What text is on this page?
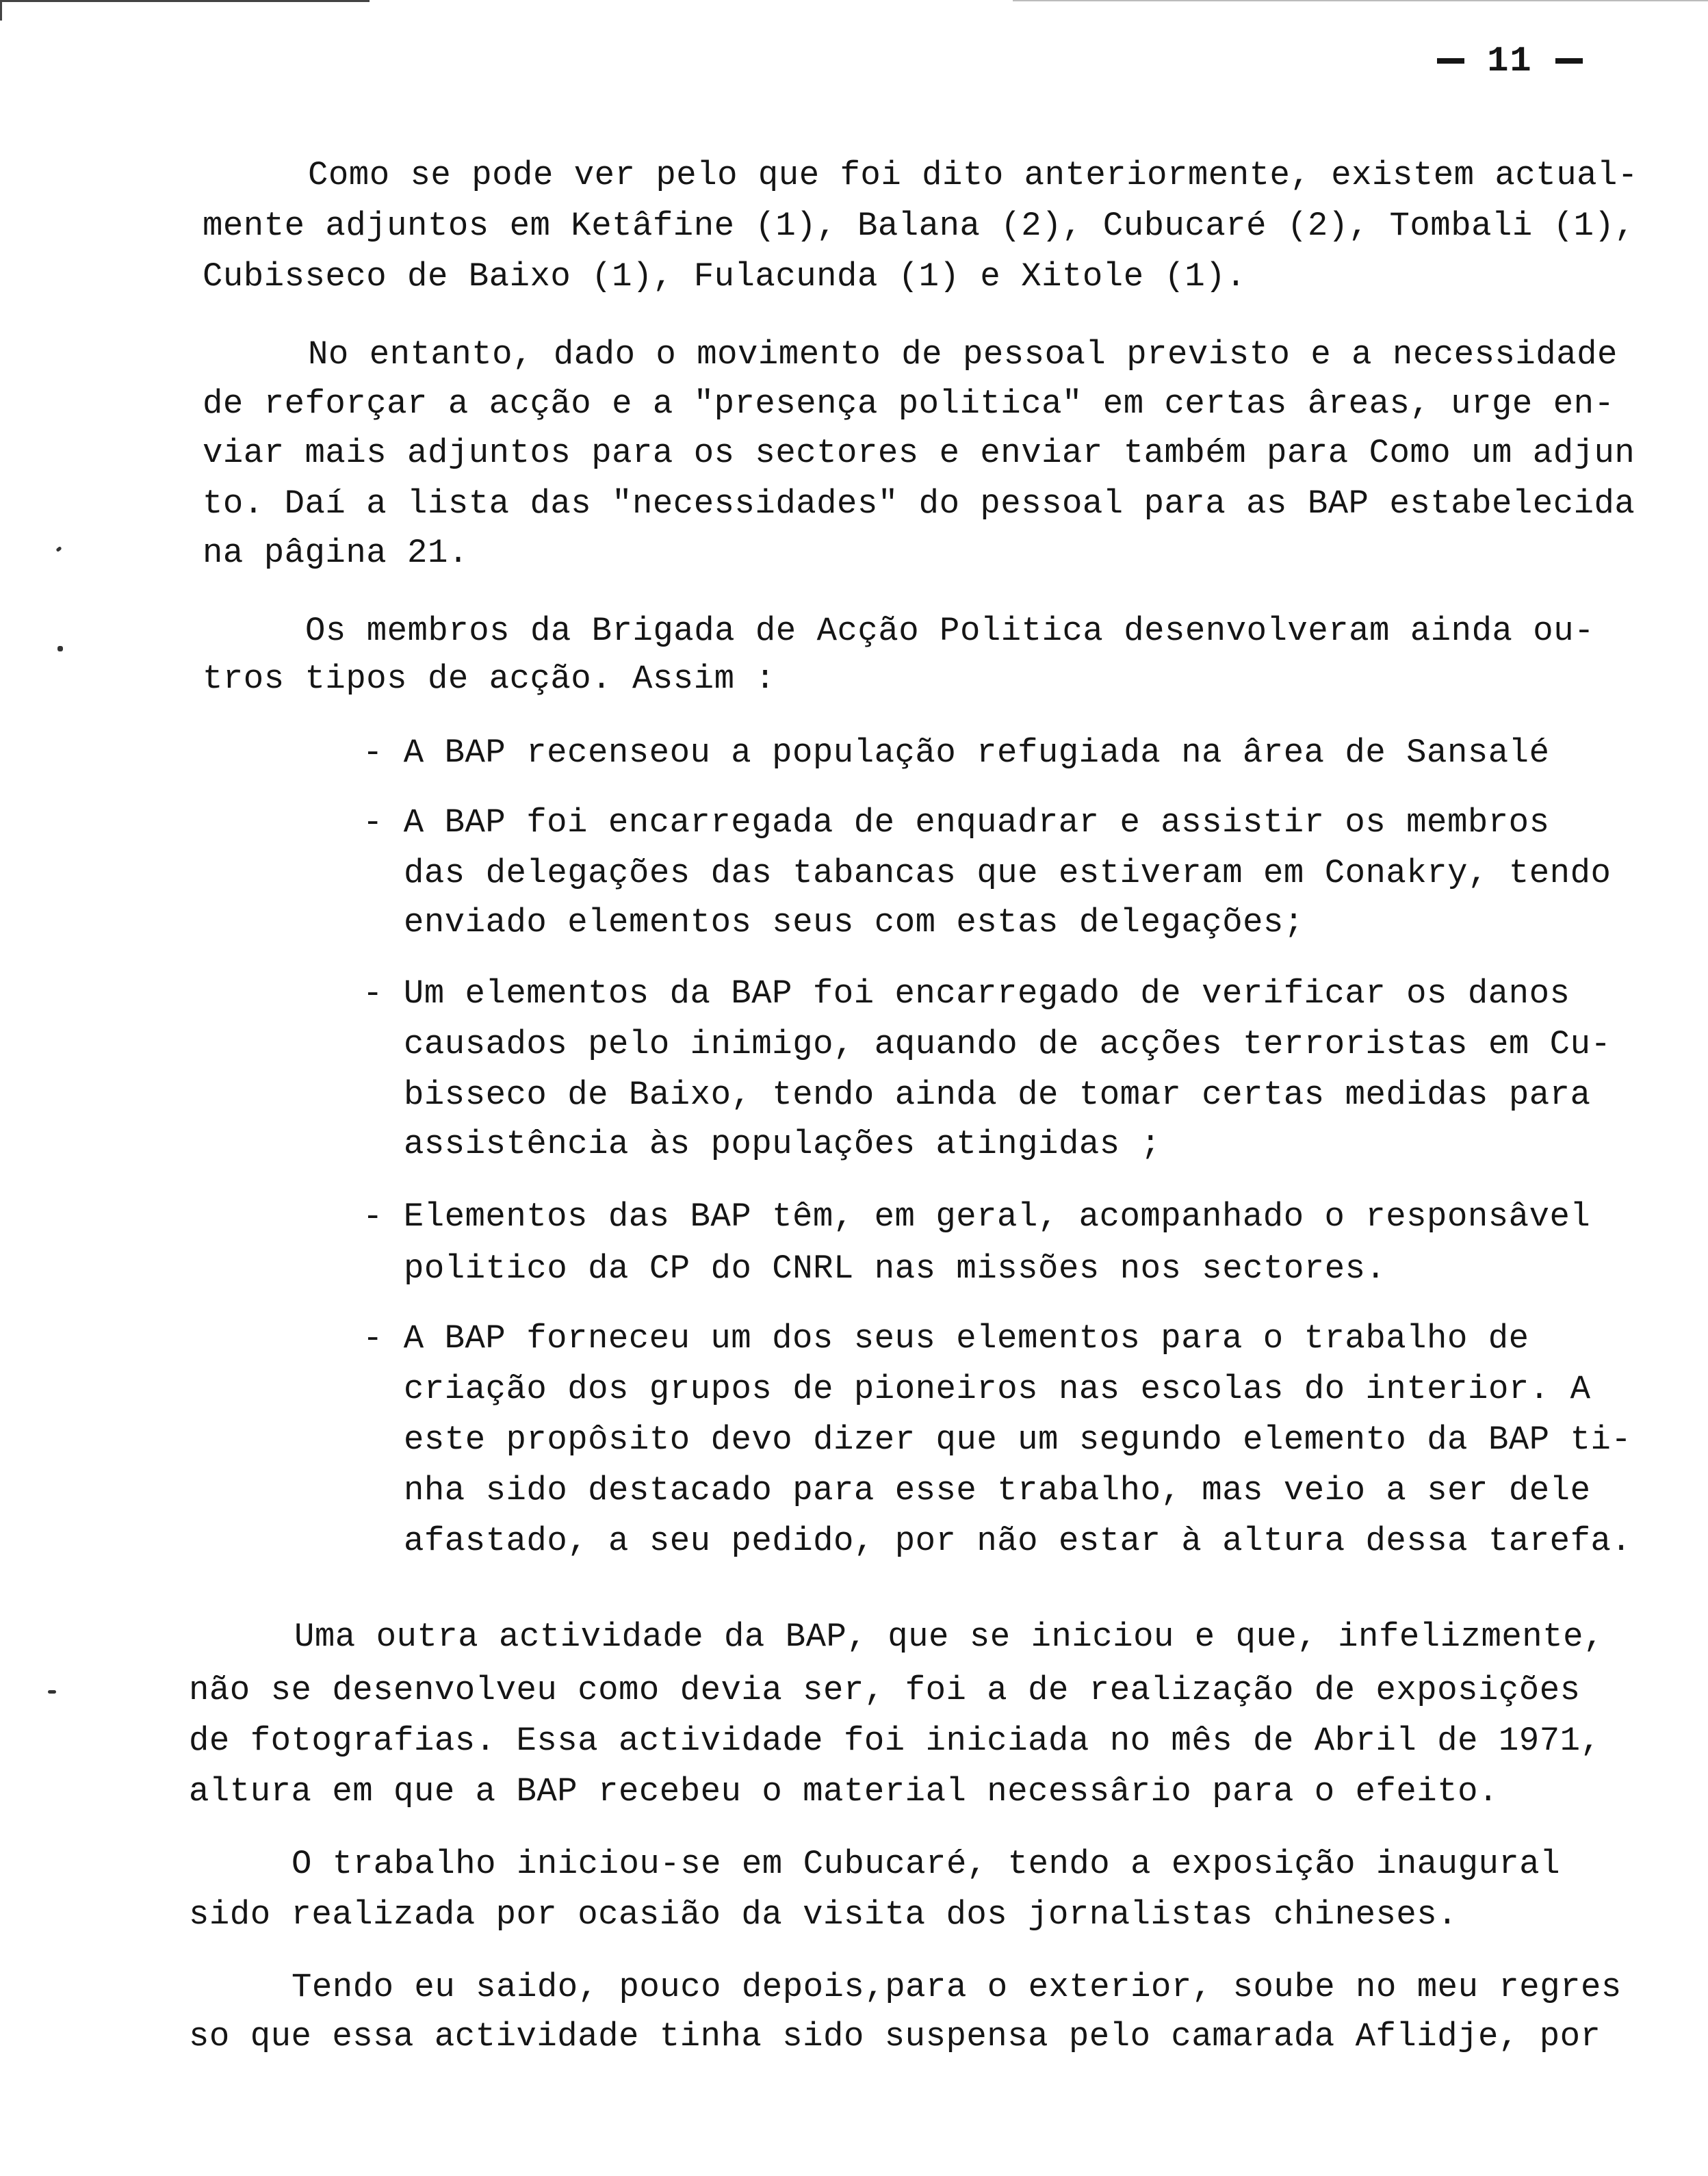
11
Como se pode ver pelo que foi dito anteriormente, existem actual-
mente adjuntos em Ketâfine (1), Balana (2), Cubucaré (2), Tombali (1),
Cubisseco de Baixo (1), Fulacunda (1) e Xitole (1).
No entanto, dado o movimento de pessoal previsto e a necessidade
de reforçar a acção e a "presença politica" em certas âreas, urge en-
viar mais adjuntos para os sectores e enviar também para Como um adjun
to. Daí a lista das "necessidades" do pessoal para as BAP estabelecida
na pâgina 21.
Os membros da Brigada de Acção Politica desenvolveram ainda ou-
tros tipos de acção. Assim :
- A BAP recenseou a população refugiada na âreа de Sansalé
- A BAP foi encarregada de enquadrar e assistir os membros
das delegações das tabancas que estiveram em Conakry, tendo
enviado elementos seus com estas delegações;
- Um elementos da BAP foi encarregado de verificar os danos
causados pelo inimigo, aquando de acções terroristas em Cu-
bisseco de Baixo, tendo ainda de tomar certas medidas para
assistência às populações atingidas ;
- Elementos das BAP têm, em geral, acompanhado o responsâvel
politico da CP do CNRL nas missões nos sectores.
- A BAP forneceu um dos seus elementos para o trabalho de
criação dos grupos de pioneiros nas escolas do interior. A
este propôsito devo dizer que um segundo elemento da BAP ti-
nha sido destacado para esse trabalho, mas veio a ser dele
afastado, a seu pedido, por não estar à altura dessa tarefa.
Uma outra actividade da BAP, que se iniciou e que, infelizmente,
não se desenvolveu como devia ser, foi a de realização de exposições
de fotografias. Essa actividade foi iniciada no mês de Abril de 1971,
altura em que a BAP recebeu o material necessârio para o efeito.
O trabalho iniciou-se em Cubucaré, tendo a exposição inaugural
sido realizada por ocasião da visita dos jornalistas chineses.
Tendo eu saido, pouco depois,para o exterior, soube no meu regres
so que essa actividade tinha sido suspensa pelo camarada Aflidje, por
